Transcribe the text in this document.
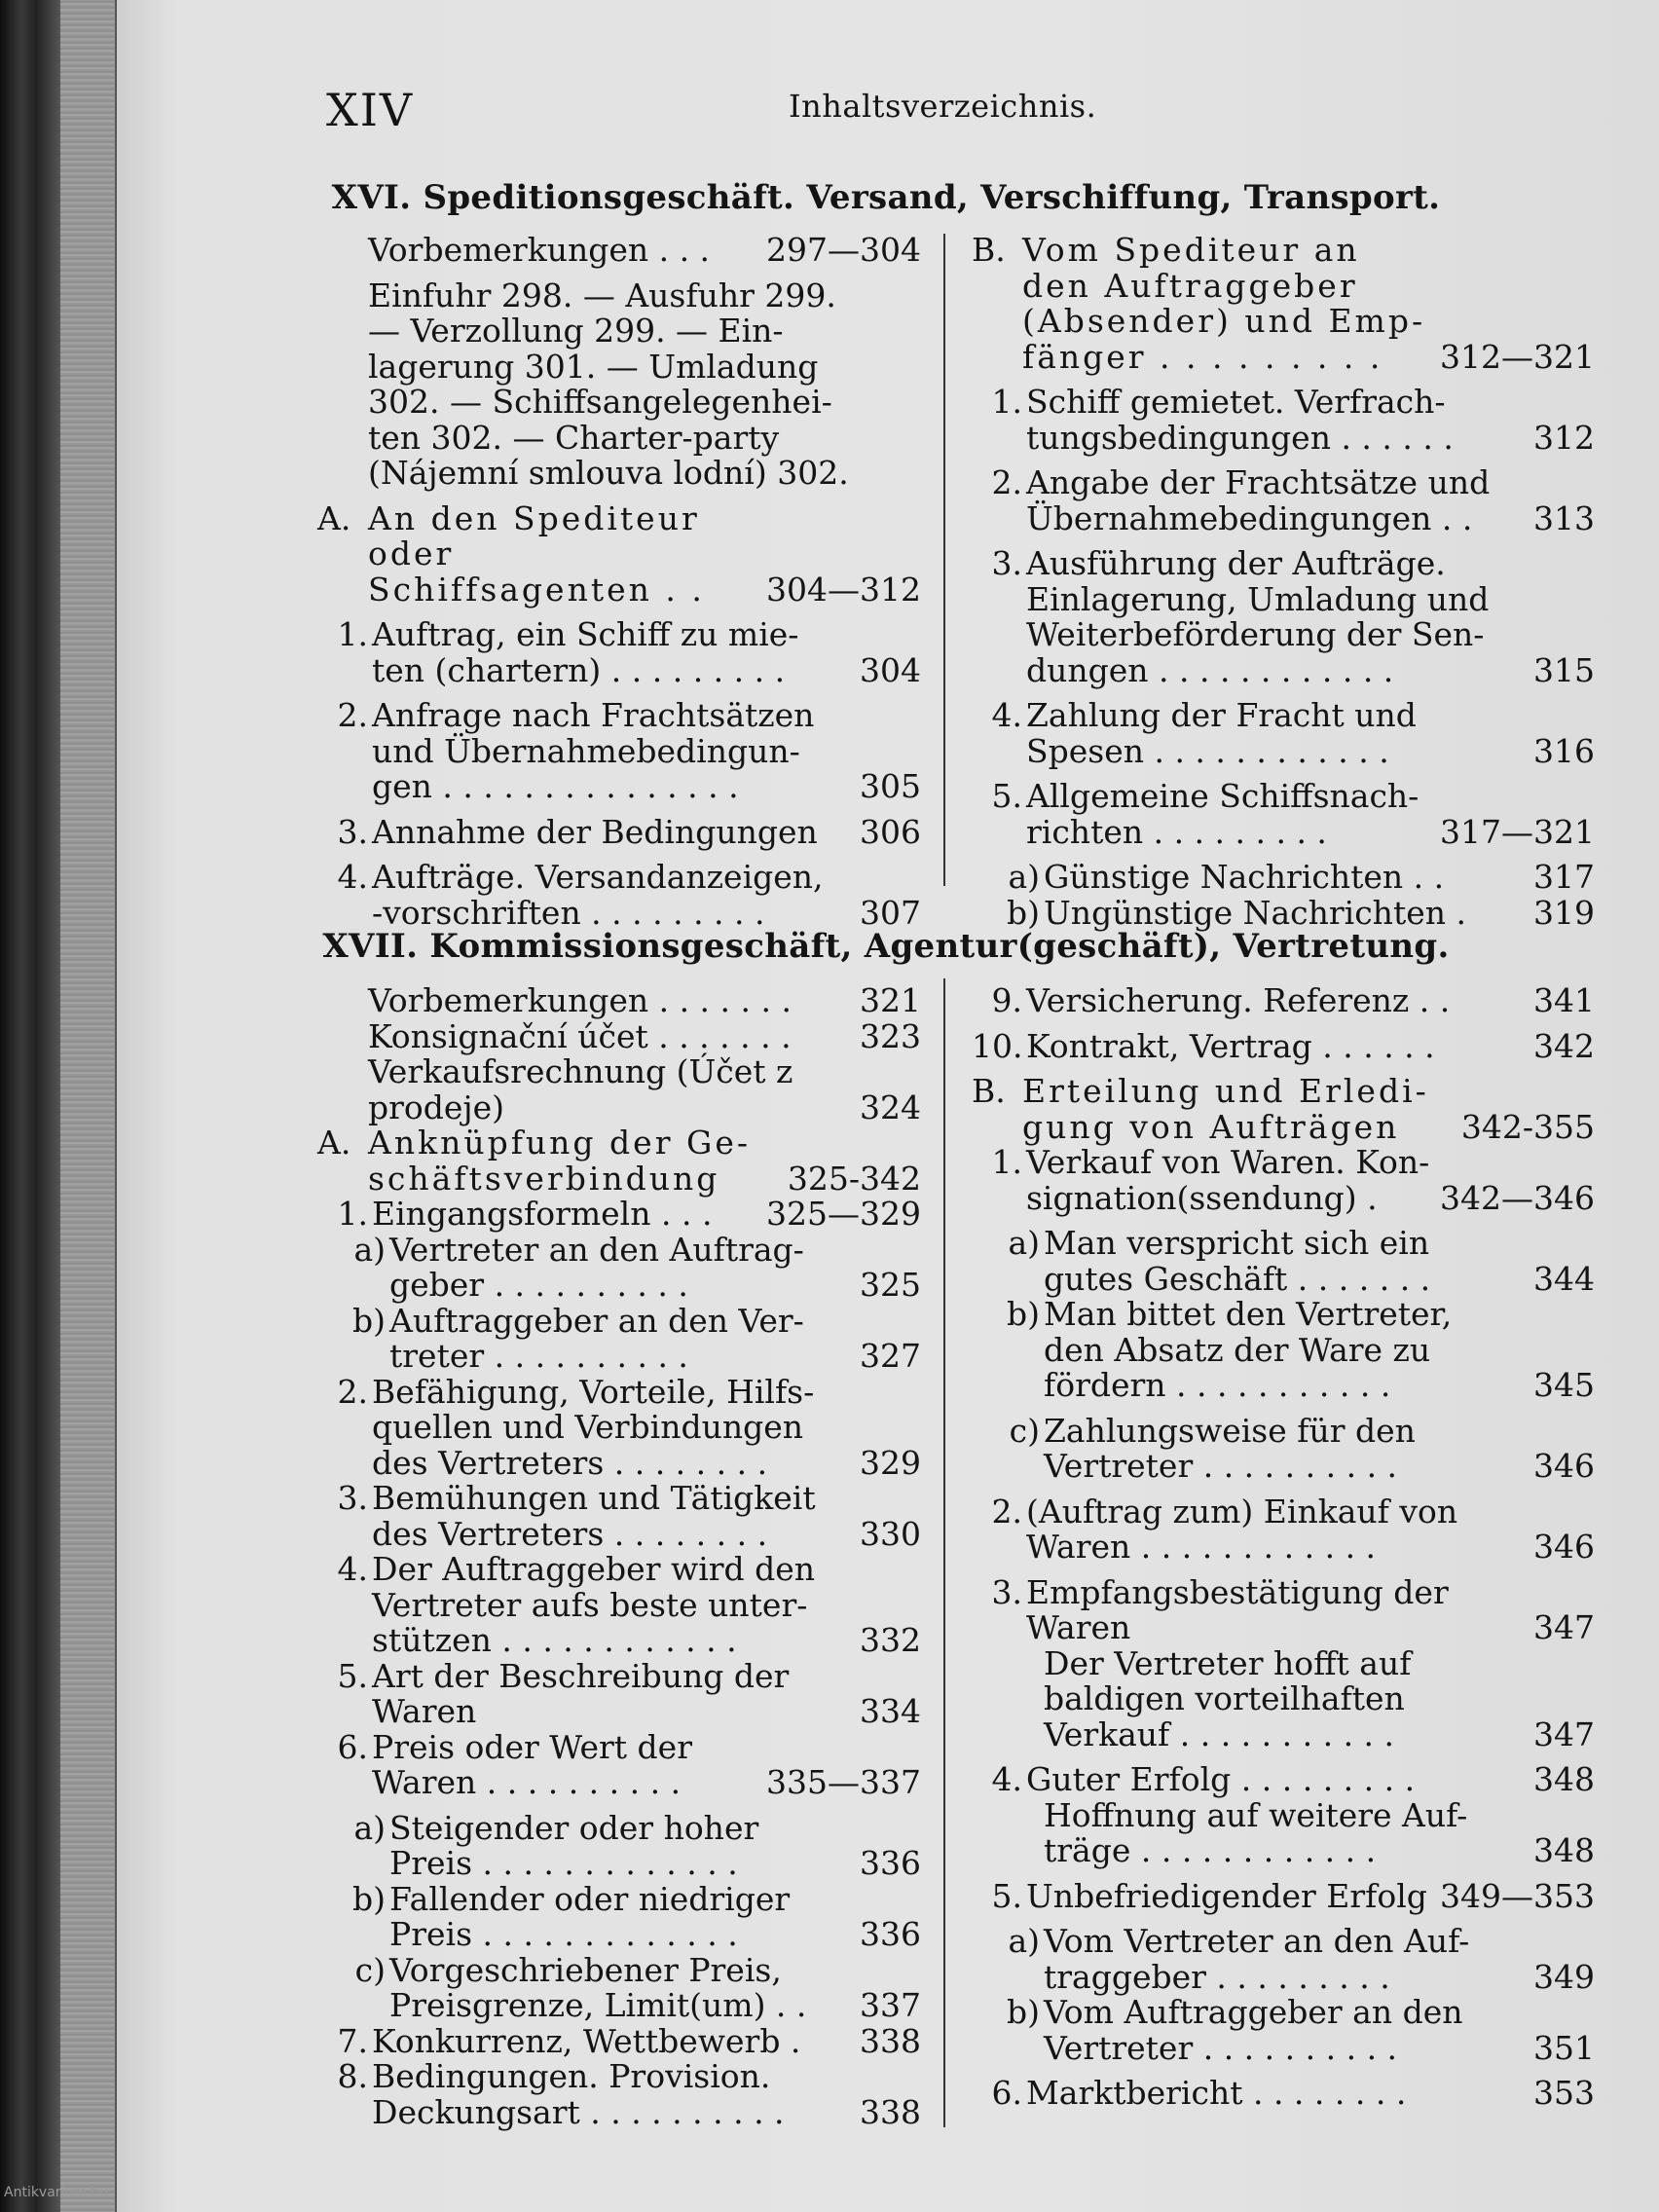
XIV	Inhaltsverzeichnis.
XVI. Speditionsgeschäft. Versand, Verschiffung, Transport.
Vorbemerkungen . . .	297—304
Einfuhr 298. — Ausfuhr 299.
— Verzollung 299. — Ein-
lagerung 301. — Umladung
302. — Schiffsangelegenhei-
ten 302. — Charter-party
(Nájemní smlouva lodní) 302.
A. An den Spediteur oder
Schiffsagenten . .	304—312
1. Auftrag, ein Schiff zu mie-
ten (chartern) . . . . . . . . .	304
2. Anfrage nach Frachtsätzen
und Übernahmebedingun-
gen . . . . . . . . . . . . . . .	305
3. Annahme der Bedingungen	306
4. Aufträge. Versandanzeigen,
-vorschriften . . . . . . . . .	307
B. Vom Spediteur an
den Auftraggeber
(Absender) und Emp-
fänger . . . . . . . . .	312—321
1. Schiff gemietet. Verfrach-
tungsbedingungen . . . . . .	312
2. Angabe der Frachtsätze und
Übernahmebedingungen . .	313
3. Ausführung der Aufträge.
Einlagerung, Umladung und
Weiterbeförderung der Sen-
dungen . . . . . . . . . . . .	315
4. Zahlung der Fracht und
Spesen . . . . . . . . . . . .	316
5. Allgemeine Schiffsnach-
richten . . . . . . . . .	317—321
a) Günstige Nachrichten . .	317
b) Ungünstige Nachrichten .	319
XVII. Kommissionsgeschäft, Agentur(geschäft), Vertretung.
Vorbemerkungen . . . . . . .	321
Konsignační účet . . . . . . .	323
Verkaufsrechnung (Účet z
prodeje)	324
A. Anknüpfung der Ge-
schäftsverbindung	325-342
1. Eingangsformeln . . .	325—329
a) Vertreter an den Auftrag-
geber . . . . . . . . . .	325
b) Auftraggeber an den Ver-
treter . . . . . . . . . .	327
2. Befähigung, Vorteile, Hilfs-
quellen und Verbindungen
des Vertreters . . . . . . . .	329
3. Bemühungen und Tätigkeit
des Vertreters . . . . . . . .	330
4. Der Auftraggeber wird den
Vertreter aufs beste unter-
stützen . . . . . . . . . . . .	332
5. Art der Beschreibung der
Waren	334
6. Preis oder Wert der
Waren . . . . . . . . . .	335—337
a) Steigender oder hoher
Preis . . . . . . . . . . . . .	336
b) Fallender oder niedriger
Preis . . . . . . . . . . . . .	336
c) Vorgeschriebener Preis,
Preisgrenze, Limit(um) . .	337
7. Konkurrenz, Wettbewerb .	338
8. Bedingungen. Provision.
Deckungsart . . . . . . . . . .	338
9. Versicherung. Referenz . .	341
10. Kontrakt, Vertrag . . . . . .	342
B. Erteilung und Erledi-
gung von Aufträgen	342-355
1. Verkauf von Waren. Kon-
signation(ssendung) .	342—346
a) Man verspricht sich ein
gutes Geschäft . . . . . . .	344
b) Man bittet den Vertreter,
den Absatz der Ware zu
fördern . . . . . . . . . . .	345
c) Zahlungsweise für den
Vertreter . . . . . . . . . .	346
2. (Auftrag zum) Einkauf von
Waren . . . . . . . . . . . .	346
3. Empfangsbestätigung der
Waren	347
Der Vertreter hofft auf
baldigen vorteilhaften
Verkauf . . . . . . . . . . .	347
4. Guter Erfolg . . . . . . . . .	348
Hoffnung auf weitere Auf-
träge . . . . . . . . . . . .	348
5. Unbefriedigender Erfolg 349—353
a) Vom Vertreter an den Auf-
traggeber . . . . . . . . .	349
b) Vom Auftraggeber an den
Vertreter . . . . . . . . . .	351
6. Marktbericht . . . . . . . .	353
Antikvarium.hu
